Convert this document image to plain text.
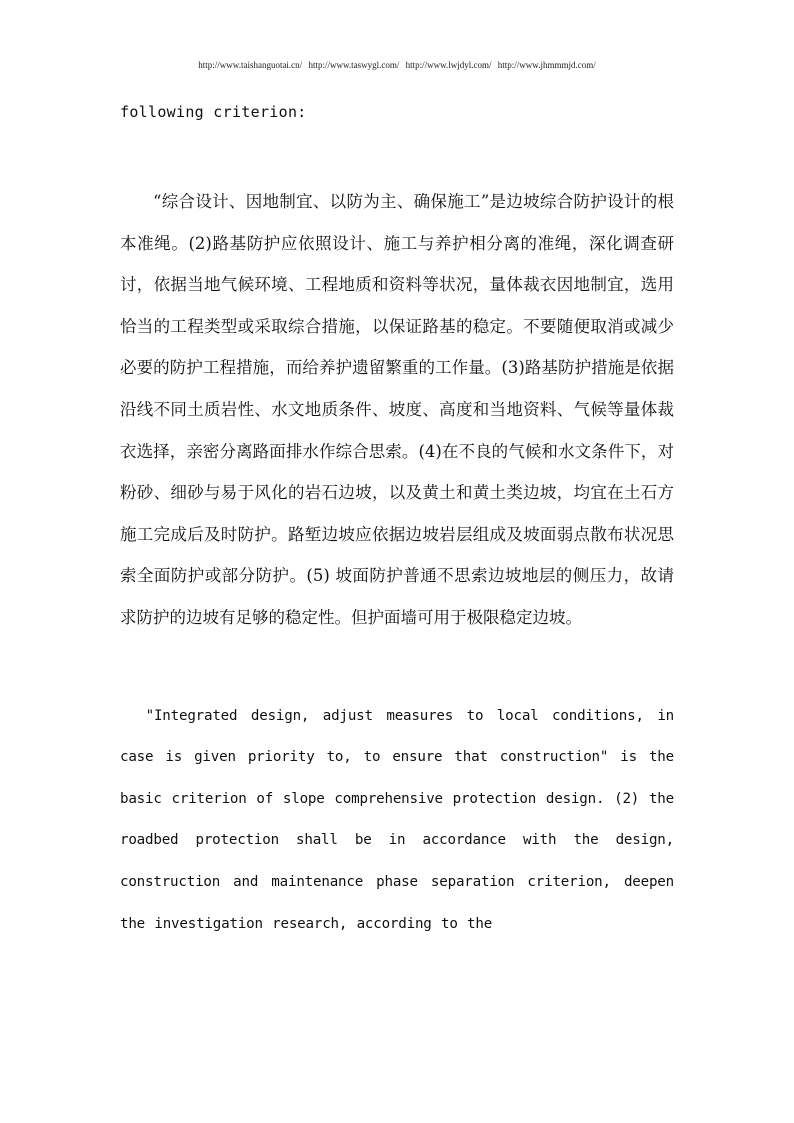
http://www.taishanguotai.cn/ http://www.taswygl.com/ http://www.lwjdyl.com/ http://www.jhmmmjd.com/

following criterion:

“综合设计、因地制宜、以防为主、确保施工”是边坡综合防护设计的根本准绳。(2)路基防护应依照设计、施工与养护相分离的准绳，深化调查研讨，依据当地气候环境、工程地质和资料等状况，量体裁衣因地制宜，选用恰当的工程类型或采取综合措施，以保证路基的稳定。不要随便取消或减少必要的防护工程措施，而给养护遗留繁重的工作量。(3)路基防护措施是依据沿线不同土质岩性、水文地质条件、坡度、高度和当地资料、气候等量体裁衣选择，亲密分离路面排水作综合思索。(4)在不良的气候和水文条件下，对粉砂、细砂与易于风化的岩石边坡，以及黄土和黄土类边坡，均宜在土石方施工完成后及时防护。路堑边坡应依据边坡岩层组成及坡面弱点散布状况思索全面防护或部分防护。(5) 坡面防护普通不思索边坡地层的侧压力，故请求防护的边坡有足够的稳定性。但护面墙可用于极限稳定边坡。

"Integrated design, adjust measures to local conditions, in case is given priority to, to ensure that construction" is the basic criterion of slope comprehensive protection design. (2) the roadbed protection shall be in accordance with the design, construction and maintenance phase separation criterion, deepen the investigation research, according to the
